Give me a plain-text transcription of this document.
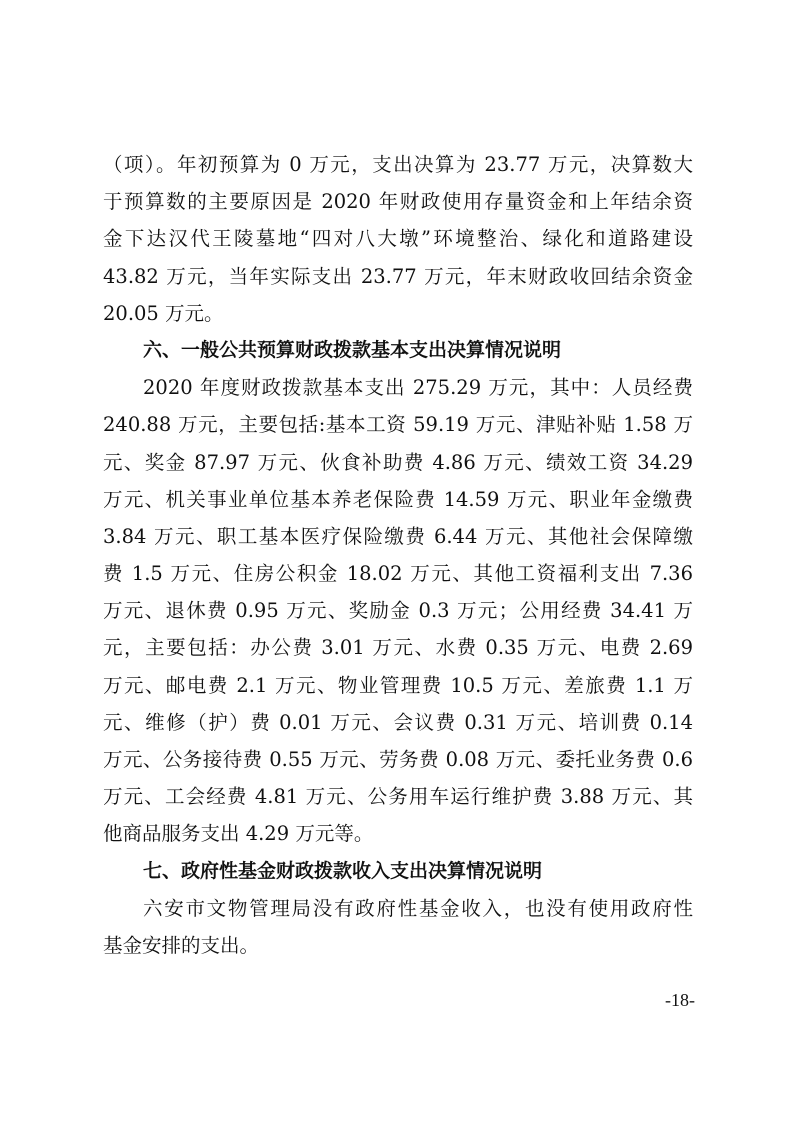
（项）。年初预算为 0 万元，支出决算为 23.77 万元，决算数大
于预算数的主要原因是 2020 年财政使用存量资金和上年结余资
金下达汉代王陵墓地“四对八大墩”环境整治、绿化和道路建设
43.82 万元，当年实际支出 23.77 万元，年末财政收回结余资金
20.05 万元。
六、一般公共预算财政拨款基本支出决算情况说明
2020 年度财政拨款基本支出 275.29 万元，其中：人员经费
240.88 万元，主要包括:基本工资 59.19 万元、津贴补贴 1.58 万
元、奖金 87.97 万元、伙食补助费 4.86 万元、绩效工资 34.29
万元、机关事业单位基本养老保险费 14.59 万元、职业年金缴费
3.84 万元、职工基本医疗保险缴费 6.44 万元、其他社会保障缴
费 1.5 万元、住房公积金 18.02 万元、其他工资福利支出 7.36
万元、退休费 0.95 万元、奖励金 0.3 万元；公用经费 34.41 万
元，主要包括：办公费 3.01 万元、水费 0.35 万元、电费 2.69
万元、邮电费 2.1 万元、物业管理费 10.5 万元、差旅费 1.1 万
元、维修（护）费 0.01 万元、会议费 0.31 万元、培训费 0.14
万元、公务接待费 0.55 万元、劳务费 0.08 万元、委托业务费 0.6
万元、工会经费 4.81 万元、公务用车运行维护费 3.88 万元、其
他商品服务支出 4.29 万元等。
七、政府性基金财政拨款收入支出决算情况说明
六安市文物管理局没有政府性基金收入，也没有使用政府性
基金安排的支出。
-18-
